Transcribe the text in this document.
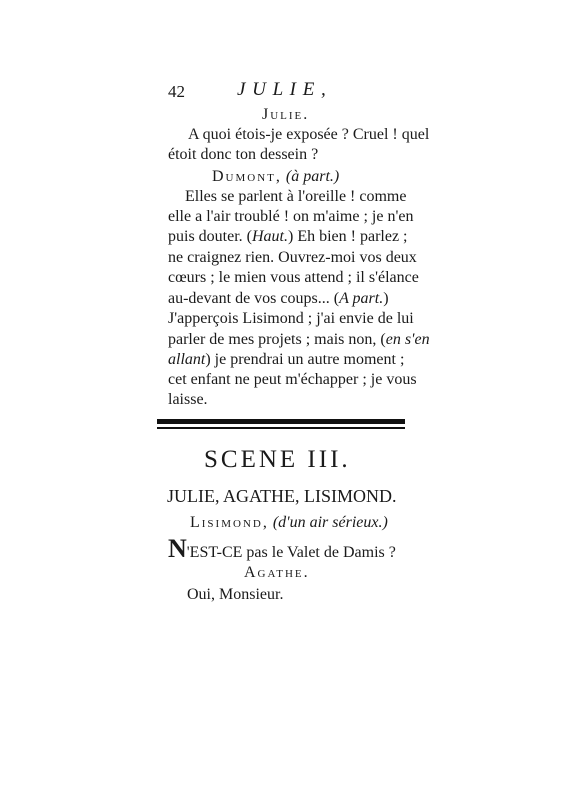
42	J U L I E ,
Julie.
A quoi étois-je exposée ? Cruel ! quel
étoit donc ton dessein ?
Dumont, (à part.)
Elles se parlent à l'oreille ! comme
elle a l'air troublé ! on m'aime ; je n'en
puis douter. (Haut.) Eh bien ! parlez ;
ne craignez rien. Ouvrez-moi vos deux
cœurs ; le mien vous attend ; il s'élance
au-devant de vos coups... (A part.)
J'apperçois Lisimond ; j'ai envie de lui
parler de mes projets ; mais non, (en s'en
allant) je prendrai un autre moment ;
cet enfant ne peut m'échapper ; je vous
laisse.
SCENE III.
JULIE, AGATHE, LISIMOND.
Lisimond, (d'un air sérieux.)
N'EST-CE pas le Valet de Damis ?
Agathe.
Oui, Monsieur.
